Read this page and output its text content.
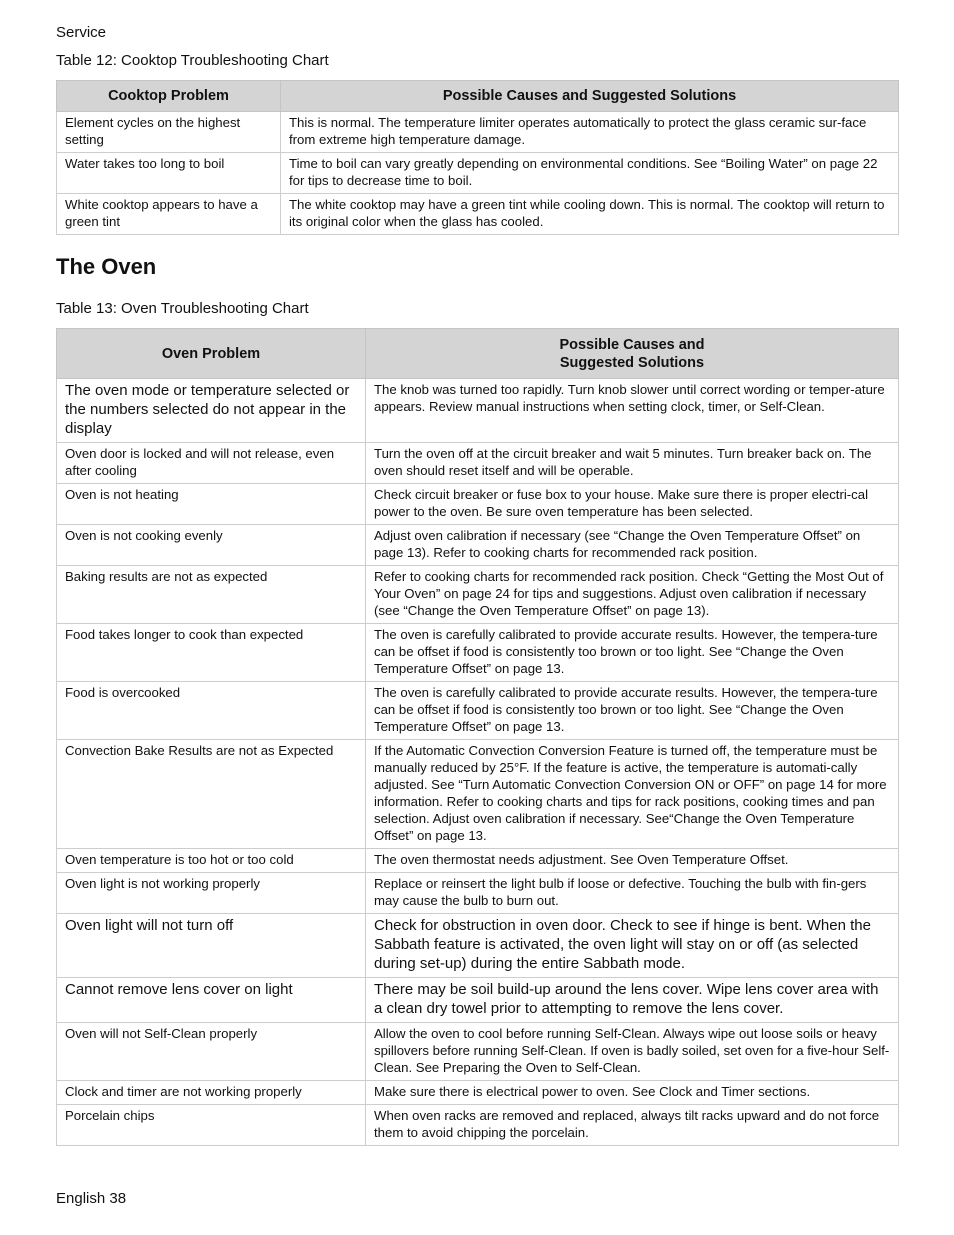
Service
Table 12: Cooktop Troubleshooting Chart
Cooktop Problem	Possible Causes and Suggested Solutions
Element cycles on the highest setting	This is normal. The temperature limiter operates automatically to protect the glass ceramic sur-face from extreme high temperature damage.
Water takes too long to boil	Time to boil can vary greatly depending on environmental conditions. See “Boiling Water” on page 22 for tips to decrease time to boil.
White cooktop appears to have a green tint	The white cooktop may have a green tint while cooling down. This is normal. The cooktop will return to its original color when the glass has cooled.
The Oven
Table 13: Oven Troubleshooting Chart
Oven Problem	Possible Causes and Suggested Solutions
The oven mode or temperature selected or the numbers selected do not appear in the display	The knob was turned too rapidly. Turn knob slower until correct wording or temper-ature appears. Review manual instructions when setting clock, timer, or Self-Clean.
Oven door is locked and will not release, even after cooling	Turn the oven off at the circuit breaker and wait 5 minutes. Turn breaker back on. The oven should reset itself and will be operable.
Oven is not heating	Check circuit breaker or fuse box to your house. Make sure there is proper electri-cal power to the oven. Be sure oven temperature has been selected.
Oven is not cooking evenly	Adjust oven calibration if necessary (see “Change the Oven Temperature Offset” on page 13). Refer to cooking charts for recommended rack position.
Baking results are not as expected	Refer to cooking charts for recommended rack position. Check “Getting the Most Out of Your Oven” on page 24 for tips and suggestions. Adjust oven calibration if necessary (see “Change the Oven Temperature Offset” on page 13).
Food takes longer to cook than expected	The oven is carefully calibrated to provide accurate results. However, the tempera-ture can be offset if food is consistently too brown or too light. See “Change the Oven Temperature Offset” on page 13.
Food is overcooked	The oven is carefully calibrated to provide accurate results. However, the tempera-ture can be offset if food is consistently too brown or too light. See “Change the Oven Temperature Offset” on page 13.
Convection Bake Results are not as Expected	If the Automatic Convection Conversion Feature is turned off, the temperature must be manually reduced by 25°F. If the feature is active, the temperature is automati-cally adjusted. See “Turn Automatic Convection Conversion ON or OFF” on page 14 for more information. Refer to cooking charts and tips for rack positions, cooking times and pan selection. Adjust oven calibration if necessary. See“Change the Oven Temperature Offset” on page 13.
Oven temperature is too hot or too cold	The oven thermostat needs adjustment. See Oven Temperature Offset.
Oven light is not working properly	Replace or reinsert the light bulb if loose or defective. Touching the bulb with fin-gers may cause the bulb to burn out.
Oven light will not turn off	Check for obstruction in oven door. Check to see if hinge is bent. When the Sabbath feature is activated, the oven light will stay on or off (as selected during set-up) during the entire Sabbath mode.
Cannot remove lens cover on light	There may be soil build-up around the lens cover. Wipe lens cover area with a clean dry towel prior to attempting to remove the lens cover.
Oven will not Self-Clean properly	Allow the oven to cool before running Self-Clean. Always wipe out loose soils or heavy spillovers before running Self-Clean. If oven is badly soiled, set oven for a five-hour Self-Clean. See Preparing the Oven to Self-Clean.
Clock and timer are not working properly	Make sure there is electrical power to oven. See Clock and Timer sections.
Porcelain chips	When oven racks are removed and replaced, always tilt racks upward and do not force them to avoid chipping the porcelain.
English 38
